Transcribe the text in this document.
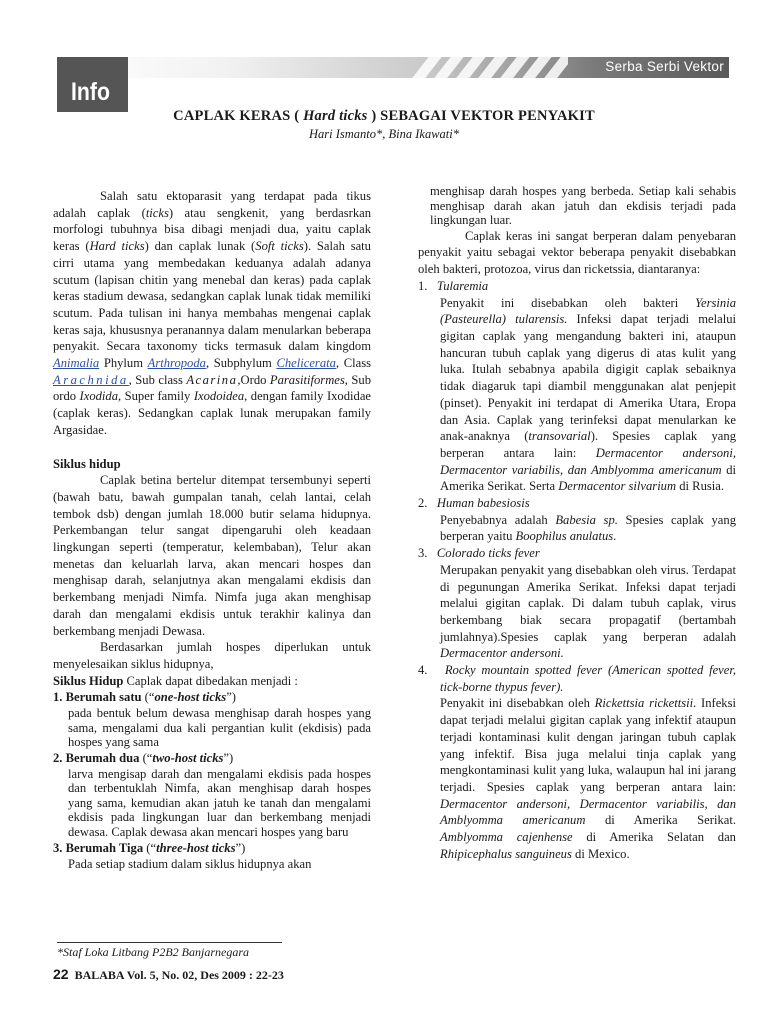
Serba Serbi Vektor
Info
CAPLAK KERAS ( Hard ticks ) SEBAGAI VEKTOR PENYAKIT
Hari Ismanto*, Bina Ikawati*

Salah satu ektoparasit yang terdapat pada tikus adalah caplak (ticks) atau sengkenit, yang berdasrkan morfologi tubuhnya bisa dibagi menjadi dua, yaitu caplak keras (Hard ticks) dan caplak lunak (Soft ticks). Salah satu cirri utama yang membedakan keduanya adalah adanya scutum (lapisan chitin yang menebal dan keras) pada caplak keras stadium dewasa, sedangkan caplak lunak tidak memiliki scutum. Pada tulisan ini hanya membahas mengenai caplak keras saja, khususnya peranannya dalam menularkan beberapa penyakit. Secara taxonomy ticks termasuk dalam kingdom Animalia Phylum Arthropoda, Subphylum Chelicerata, Class Arachnida, Sub class Acarina,Ordo Parasitiformes, Sub ordo Ixodida, Super family Ixodoidea, dengan family Ixodidae (caplak keras). Sedangkan caplak lunak merupakan family Argasidae.

Siklus hidup

Caplak betina bertelur ditempat tersembunyi seperti (bawah batu, bawah gumpalan tanah, celah lantai, celah tembok dsb) dengan jumlah 18.000 butir selama hidupnya. Perkembangan telur sangat dipengaruhi oleh keadaan lingkungan seperti (temperatur, kelembaban), Telur akan menetas dan keluarlah larva, akan mencari hospes dan menghisap darah, selanjutnya akan mengalami ekdisis dan berkembang menjadi Nimfa. Nimfa juga akan menghisap darah dan mengalami ekdisis untuk terakhir kalinya dan berkembang menjadi Dewasa.

Berdasarkan jumlah hospes diperlukan untuk menyelesaikan siklus hidupnya,

Siklus Hidup Caplak dapat dibedakan menjadi :

1. Berumah satu (“one-host ticks”)

pada bentuk belum dewasa menghisap darah hospes yang sama, mengalami dua kali pergantian kulit (ekdisis) pada hospes yang sama

2. Berumah dua (“two-host ticks”)

larva mengisap darah dan mengalami ekdisis pada hospes dan terbentuklah Nimfa, akan menghisap darah hospes yang sama, kemudian akan jatuh ke tanah dan mengalami ekdisis pada lingkungan luar dan berkembang menjadi dewasa. Caplak dewasa akan mencari hospes yang baru

3. Berumah Tiga (“three-host ticks”)

Pada setiap stadium dalam siklus hidupnya akan

menghisap darah hospes yang berbeda. Setiap kali sehabis menghisap darah akan jatuh dan ekdisis terjadi pada lingkungan luar.

Caplak keras ini sangat berperan dalam penyebaran penyakit yaitu sebagai vektor beberapa penyakit disebabkan oleh bakteri, protozoa, virus dan ricketssia, diantaranya:

1. Tularemia

Penyakit ini disebabkan oleh bakteri Yersinia (Pasteurella) tularensis. Infeksi dapat terjadi melalui gigitan caplak yang mengandung bakteri ini, ataupun hancuran tubuh caplak yang digerus di atas kulit yang luka. Itulah sebabnya apabila digigit caplak sebaiknya tidak diagaruk tapi diambil menggunakan alat penjepit (pinset). Penyakit ini terdapat di Amerika Utara, Eropa dan Asia. Caplak yang terinfeksi dapat menularkan ke anak-anaknya (transovarial). Spesies caplak yang berperan antara lain: Dermacentor andersoni, Dermacentor variabilis, dan Amblyomma americanum di Amerika Serikat. Serta Dermacentor silvarium di Rusia.

2. Human babesiosis

Penyebabnya adalah Babesia sp. Spesies caplak yang berperan yaitu Boophilus anulatus.

3. Colorado ticks fever

Merupakan penyakit yang disebabkan oleh virus. Terdapat di pegunungan Amerika Serikat. Infeksi dapat terjadi melalui gigitan caplak. Di dalam tubuh caplak, virus berkembang biak secara propagatif (bertambah jumlahnya).Spesies caplak yang berperan adalah Dermacentor andersoni.

4. Rocky mountain spotted fever (American spotted fever, tick-borne thypus fever).

Penyakit ini disebabkan oleh Rickettsia rickettsii. Infeksi dapat terjadi melalui gigitan caplak yang infektif ataupun terjadi kontaminasi kulit dengan jaringan tubuh caplak yang infektif. Bisa juga melalui tinja caplak yang mengkontaminasi kulit yang luka, walaupun hal ini jarang terjadi. Spesies caplak yang berperan antara lain: Dermacentor andersoni, Dermacentor variabilis, dan Amblyomma americanum di Amerika Serikat. Amblyomma cajenhense di Amerika Selatan dan Rhipicephalus sanguineus di Mexico.

*Staf Loka Litbang P2B2 Banjarnegara
22 BALABA Vol. 5, No. 02, Des 2009 : 22-23
